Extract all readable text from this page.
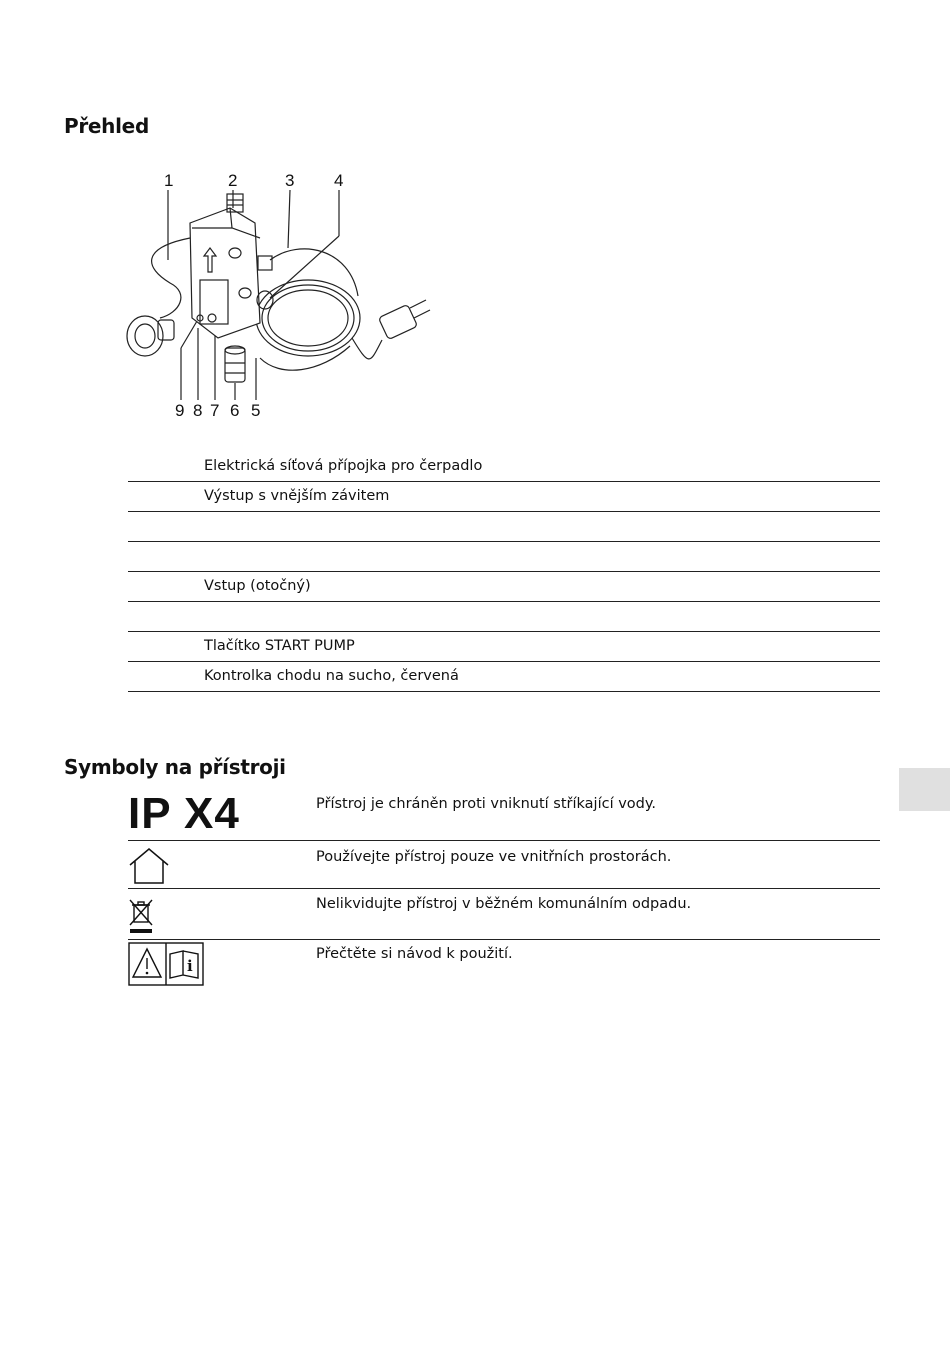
Přehled
1	2	3 4
9 8 7 6 5
Elektrická síťová přípojka pro čerpadlo
Výstup s vnějším závitem
Vstup (otočný)
Tlačítko START PUMP
Kontrolka chodu na sucho, červená
Symboly na přístroji
IP X4	Přístroj je chráněn proti vniknutí stříkající vody.
Používejte přístroj pouze ve vnitřních prostorách.
Nelikvidujte přístroj v běžném komunálním odpadu.
i
Přečtěte si návod k použití.
